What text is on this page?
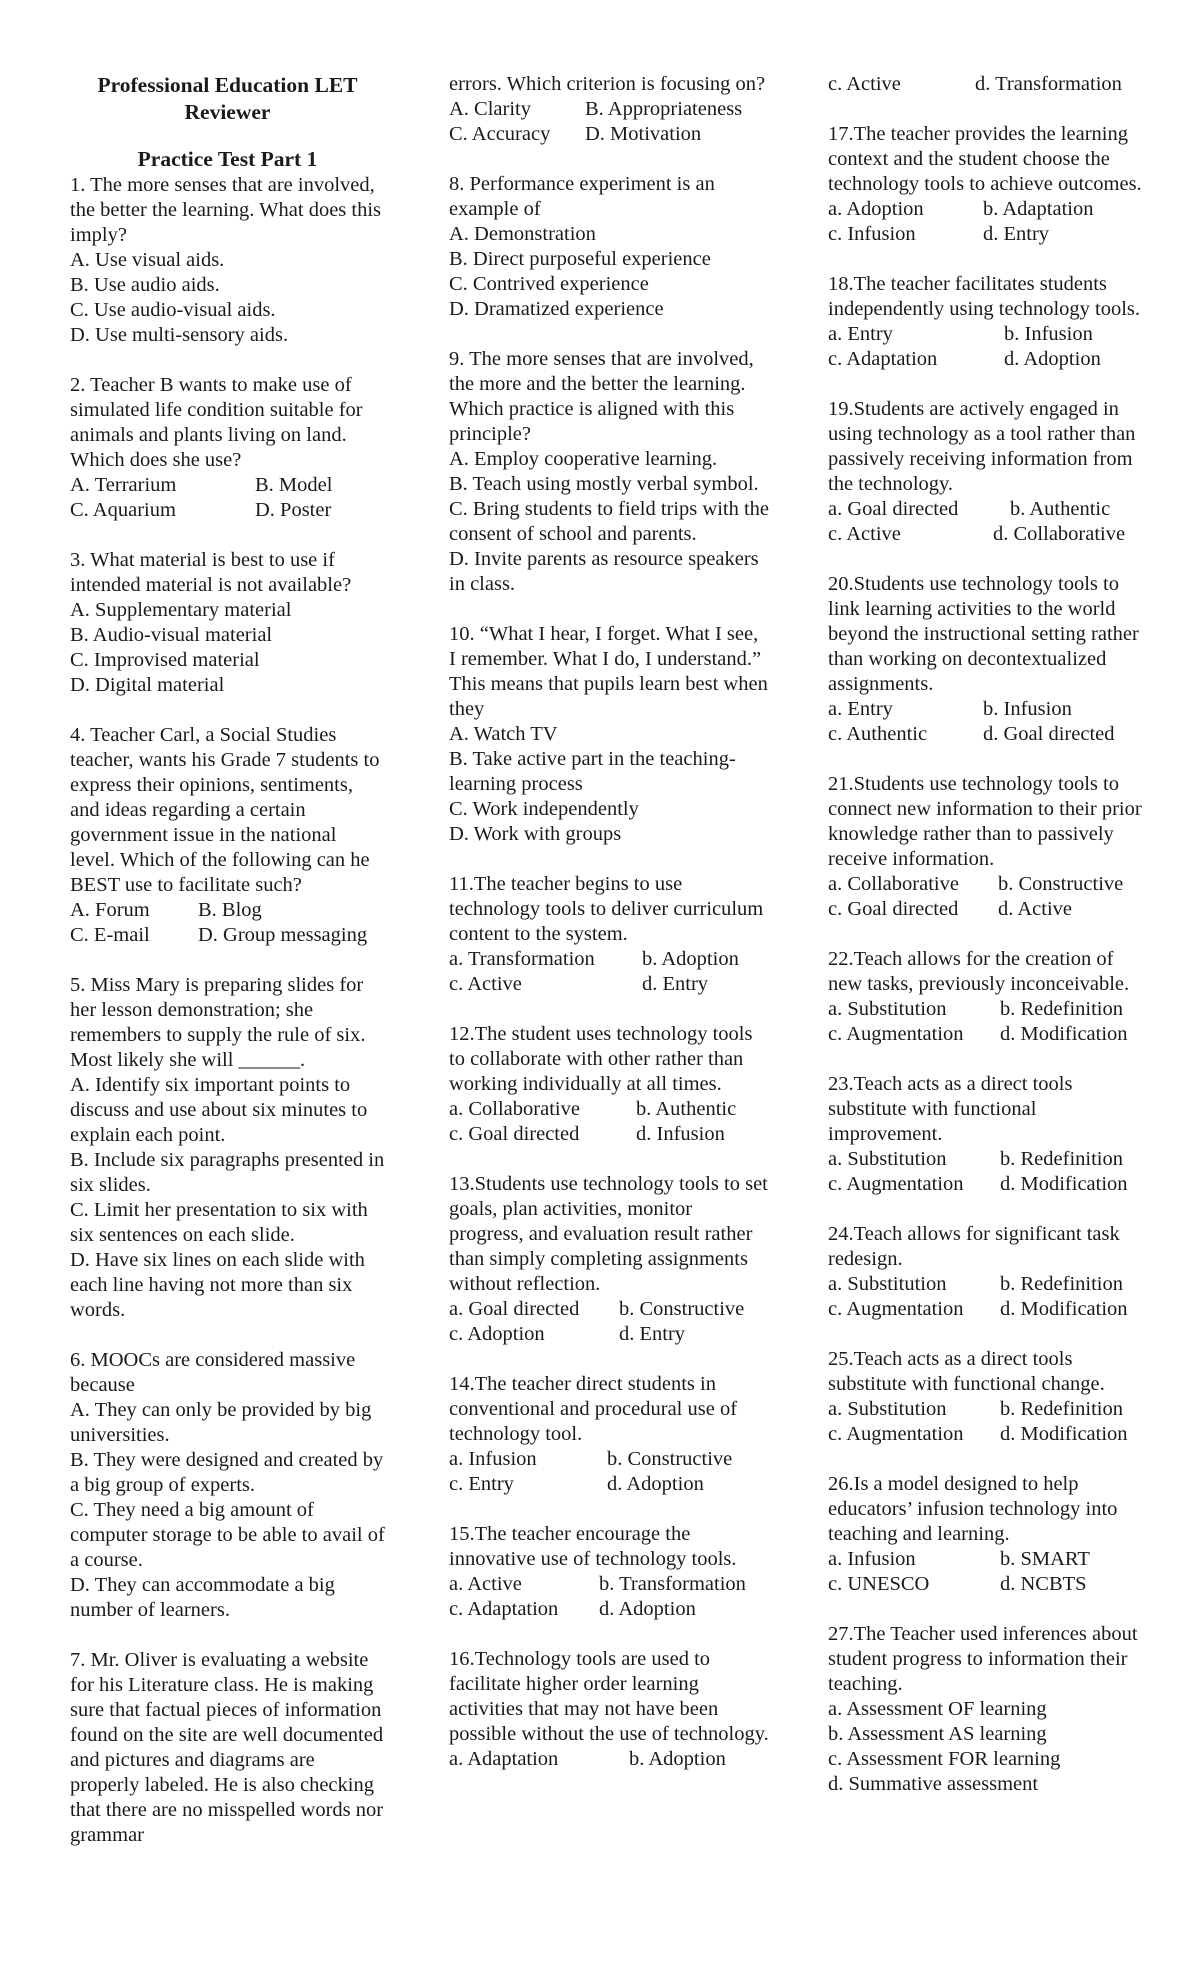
Professional Education LET Reviewer
Practice Test Part 1
1. The more senses that are involved, the better the learning. What does this imply?
A. Use visual aids.
B. Use audio aids.
C. Use audio-visual aids.
D. Use multi-sensory aids.
2. Teacher B wants to make use of simulated life condition suitable for animals and plants living on land. Which does she use?
A. Terrarium	B. Model
C. Aquarium	D. Poster
3. What material is best to use if intended material is not available?
A. Supplementary material
B. Audio-visual material
C. Improvised material
D. Digital material
4. Teacher Carl, a Social Studies teacher, wants his Grade 7 students to express their opinions, sentiments, and ideas regarding a certain government issue in the national level. Which of the following can he BEST use to facilitate such?
A. Forum	B. Blog
C. E-mail	D. Group messaging
5. Miss Mary is preparing slides for her lesson demonstration; she remembers to supply the rule of six. Most likely she will ______.
A. Identify six important points to discuss and use about six minutes to explain each point.
B. Include six paragraphs presented in six slides.
C. Limit her presentation to six with six sentences on each slide.
D. Have six lines on each slide with each line having not more than six words.
6. MOOCs are considered massive because
A. They can only be provided by big universities.
B. They were designed and created by a big group of experts.
C. They need a big amount of computer storage to be able to avail of a course.
D. They can accommodate a big number of learners.
7. Mr. Oliver is evaluating a website for his Literature class. He is making sure that factual pieces of information found on the site are well documented and pictures and diagrams are properly labeled. He is also checking that there are no misspelled words nor grammar
errors. Which criterion is focusing on?
A. Clarity	B. Appropriateness
C. Accuracy	D. Motivation
8. Performance experiment is an example of
A. Demonstration
B. Direct purposeful experience
C. Contrived experience
D. Dramatized experience
9. The more senses that are involved, the more and the better the learning. Which practice is aligned with this principle?
A. Employ cooperative learning.
B. Teach using mostly verbal symbol.
C. Bring students to field trips with the consent of school and parents.
D. Invite parents as resource speakers in class.
10. “What I hear, I forget. What I see, I remember. What I do, I understand.” This means that pupils learn best when they
A. Watch TV
B. Take active part in the teaching-learning process
C. Work independently
D. Work with groups
11.The teacher begins to use technology tools to deliver curriculum content to the system.
a. Transformation	b. Adoption
c. Active	d. Entry
12.The student uses technology tools to collaborate with other rather than working individually at all times.
a. Collaborative	b. Authentic
c. Goal directed	d. Infusion
13.Students use technology tools to set goals, plan activities, monitor progress, and evaluation result rather than simply completing assignments without reflection.
a. Goal directed	b. Constructive
c. Adoption	d. Entry
14.The teacher direct students in conventional and procedural use of technology tool.
a. Infusion	b. Constructive
c. Entry	d. Adoption
15.The teacher encourage the innovative use of technology tools.
a. Active	b. Transformation
c. Adaptation	d. Adoption
16.Technology tools are used to facilitate higher order learning activities that may not have been possible without the use of technology.
a. Adaptation	b. Adoption
c. Active	d. Transformation
17.The teacher provides the learning context and the student choose the technology tools to achieve outcomes.
a. Adoption	b. Adaptation
c. Infusion	d. Entry
18.The teacher facilitates students independently using technology tools.
a. Entry	b. Infusion
c. Adaptation	d. Adoption
19.Students are actively engaged in using technology as a tool rather than passively receiving information from the technology.
a. Goal directed	b. Authentic
c. Active	d. Collaborative
20.Students use technology tools to link learning activities to the world beyond the instructional setting rather than working on decontextualized assignments.
a. Entry	b. Infusion
c. Authentic	d. Goal directed
21.Students use technology tools to connect new information to their prior knowledge rather than to passively receive information.
a. Collaborative	b. Constructive
c. Goal directed	d. Active
22.Teach allows for the creation of new tasks, previously inconceivable.
a. Substitution	b. Redefinition
c. Augmentation	d. Modification
23.Teach acts as a direct tools substitute with functional improvement.
a. Substitution	b. Redefinition
c. Augmentation	d. Modification
24.Teach allows for significant task redesign.
a. Substitution	b. Redefinition
c. Augmentation	d. Modification
25.Teach acts as a direct tools substitute with functional change.
a. Substitution	b. Redefinition
c. Augmentation	d. Modification
26.Is a model designed to help educators’ infusion technology into teaching and learning.
a. Infusion	b. SMART
c. UNESCO	d. NCBTS
27.The Teacher used inferences about student progress to information their teaching.
a. Assessment OF learning
b. Assessment AS learning
c. Assessment FOR learning
d. Summative assessment
